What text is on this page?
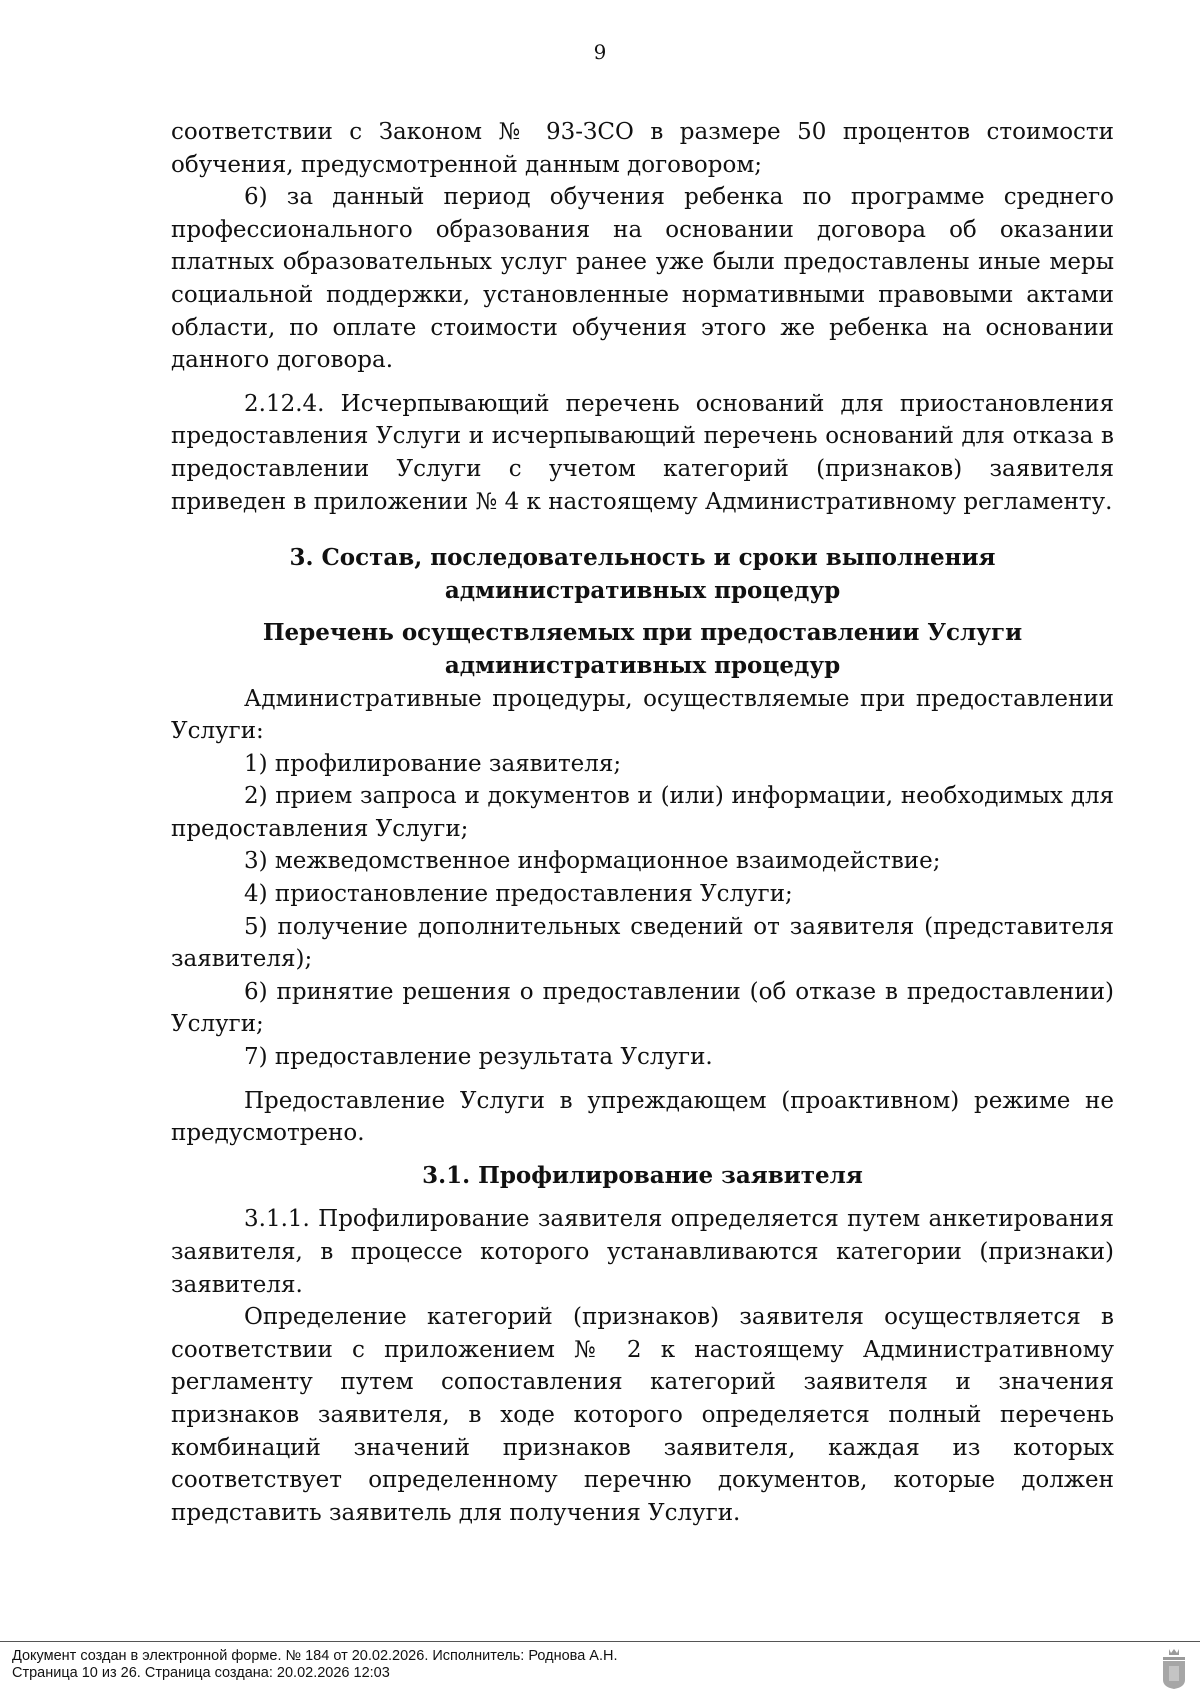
9

соответствии с Законом № 93-ЗСО в размере 50 процентов стоимости обучения, предусмотренной данным договором;

6) за данный период обучения ребенка по программе среднего профессионального образования на основании договора об оказании платных образовательных услуг ранее уже были предоставлены иные меры социальной поддержки, установленные нормативными правовыми актами области, по оплате стоимости обучения этого же ребенка на основании данного договора.

2.12.4. Исчерпывающий перечень оснований для приостановления предоставления Услуги и исчерпывающий перечень оснований для отказа в предоставлении Услуги с учетом категорий (признаков) заявителя приведен в приложении № 4 к настоящему Административному регламенту.

3. Состав, последовательность и сроки выполнения административных процедур

Перечень осуществляемых при предоставлении Услуги административных процедур

Административные процедуры, осуществляемые при предоставлении Услуги:

1) профилирование заявителя;

2) прием запроса и документов и (или) информации, необходимых для предоставления Услуги;

3) межведомственное информационное взаимодействие;

4) приостановление предоставления Услуги;

5) получение дополнительных сведений от заявителя (представителя заявителя);

6) принятие решения о предоставлении (об отказе в предоставлении) Услуги;

7) предоставление результата Услуги.

Предоставление Услуги в упреждающем (проактивном) режиме не предусмотрено.

3.1. Профилирование заявителя

3.1.1. Профилирование заявителя определяется путем анкетирования заявителя, в процессе которого устанавливаются категории (признаки) заявителя.

Определение категорий (признаков) заявителя осуществляется в соответствии с приложением № 2 к настоящему Административному регламенту путем сопоставления категорий заявителя и значения признаков заявителя, в ходе которого определяется полный перечень комбинаций значений признаков заявителя, каждая из которых соответствует определенному перечню документов, которые должен представить заявитель для получения Услуги.

Документ создан в электронной форме. № 184 от 20.02.2026. Исполнитель: Роднова А.Н.
Страница 10 из 26. Страница создана: 20.02.2026 12:03
